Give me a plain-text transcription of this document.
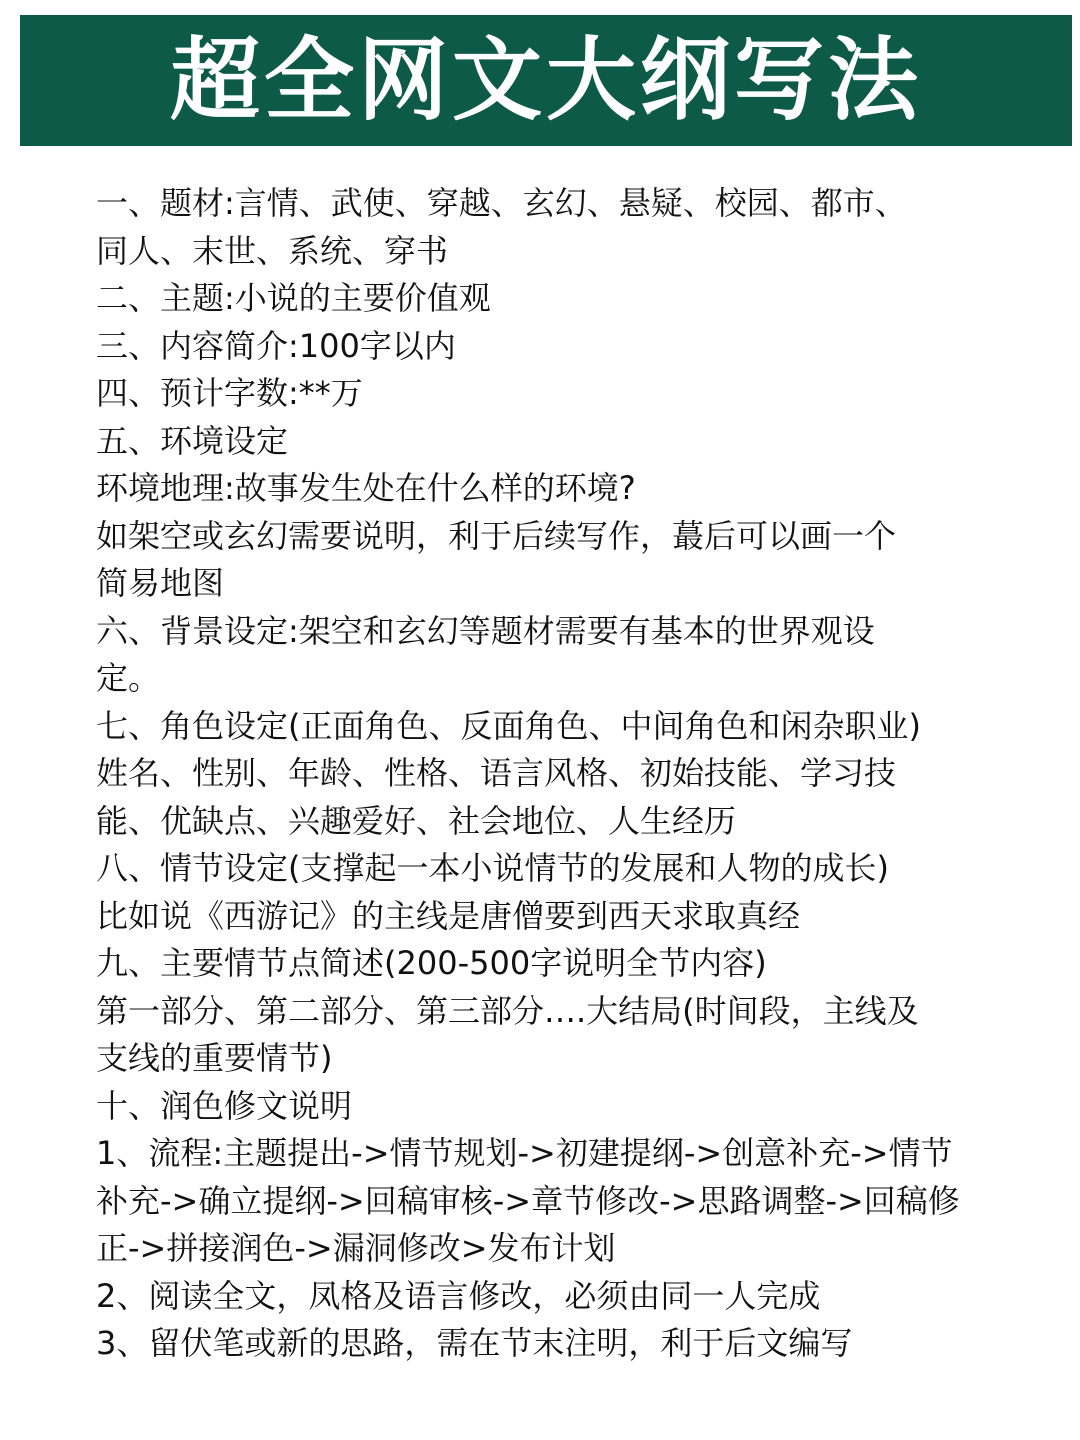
超全网文大纲写法
一、题材:言情、武使、穿越、玄幻、悬疑、校园、都市、
同人、末世、系统、穿书
二、主题:小说的主要价值观
三、内容简介:100字以内
四、预计字数:**万
五、环境设定
环境地理:故事发生处在什么样的环境?
如架空或玄幻需要说明，利于后续写作，蕞后可以画一个
简易地图
六、背景设定:架空和玄幻等题材需要有基本的世界观设
定。
七、角色设定(正面角色、反面角色、中间角色和闲杂职业)
姓名、性别、年龄、性格、语言风格、初始技能、学习技
能、优缺点、兴趣爱好、社会地位、人生经历
八、情节设定(支撑起一本小说情节的发展和人物的成长)
比如说《西游记》的主线是唐僧要到西天求取真经
九、主要情节点简述(200-500字说明全节内容)
第一部分、第二部分、第三部分….大结局(时间段，主线及
支线的重要情节)
十、润色修文说明
1、流程:主题提出->情节规划->初建提纲->创意补充->情节
补充->确立提纲->回稿审核->章节修改->思路调整->回稿修
正->拼接润色->漏洞修改>发布计划
2、阅读全文，凤格及语言修改，必须由同一人完成
3、留伏笔或新的思路，需在节末注明，利于后文编写
